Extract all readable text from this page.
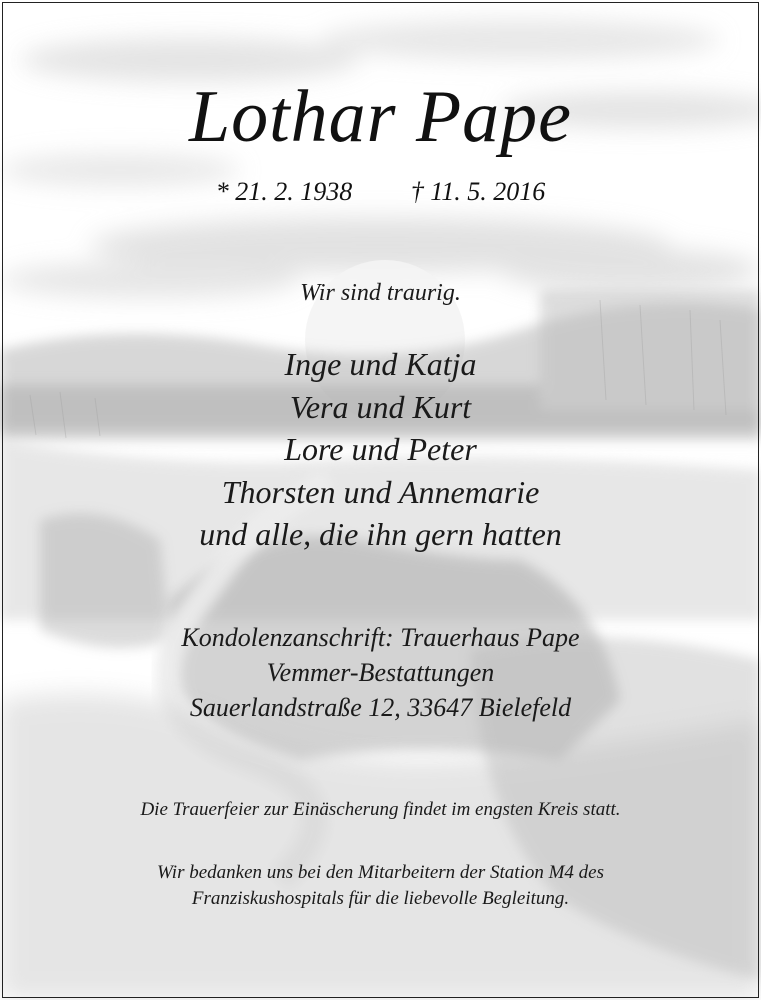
Lothar Pape
* 21. 2. 1938 † 11. 5. 2016
Wir sind traurig.
Inge und Katja
Vera und Kurt
Lore und Peter
Thorsten und Annemarie
und alle, die ihn gern hatten
Kondolenzanschrift: Trauerhaus Pape
Vemmer-Bestattungen
Sauerlandstraße 12, 33647 Bielefeld
Die Trauerfeier zur Einäscherung findet im engsten Kreis statt.
Wir bedanken uns bei den Mitarbeitern der Station M4 des
Franziskushospitals für die liebevolle Begleitung.
